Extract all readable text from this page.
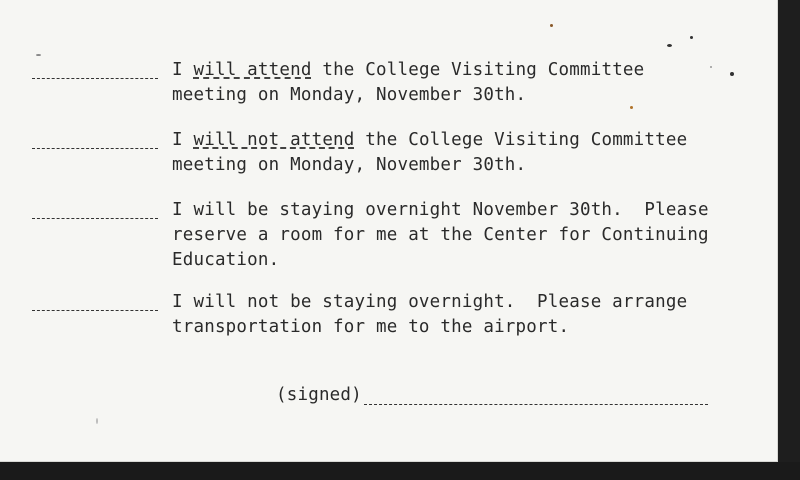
I will attend the College Visiting Committee
meeting on Monday, November 30th.
I will not attend the College Visiting Committee
meeting on Monday, November 30th.
I will be staying overnight November 30th.  Please
reserve a room for me at the Center for Continuing
Education.
I will not be staying overnight.  Please arrange
transportation for me to the airport.
(signed)
